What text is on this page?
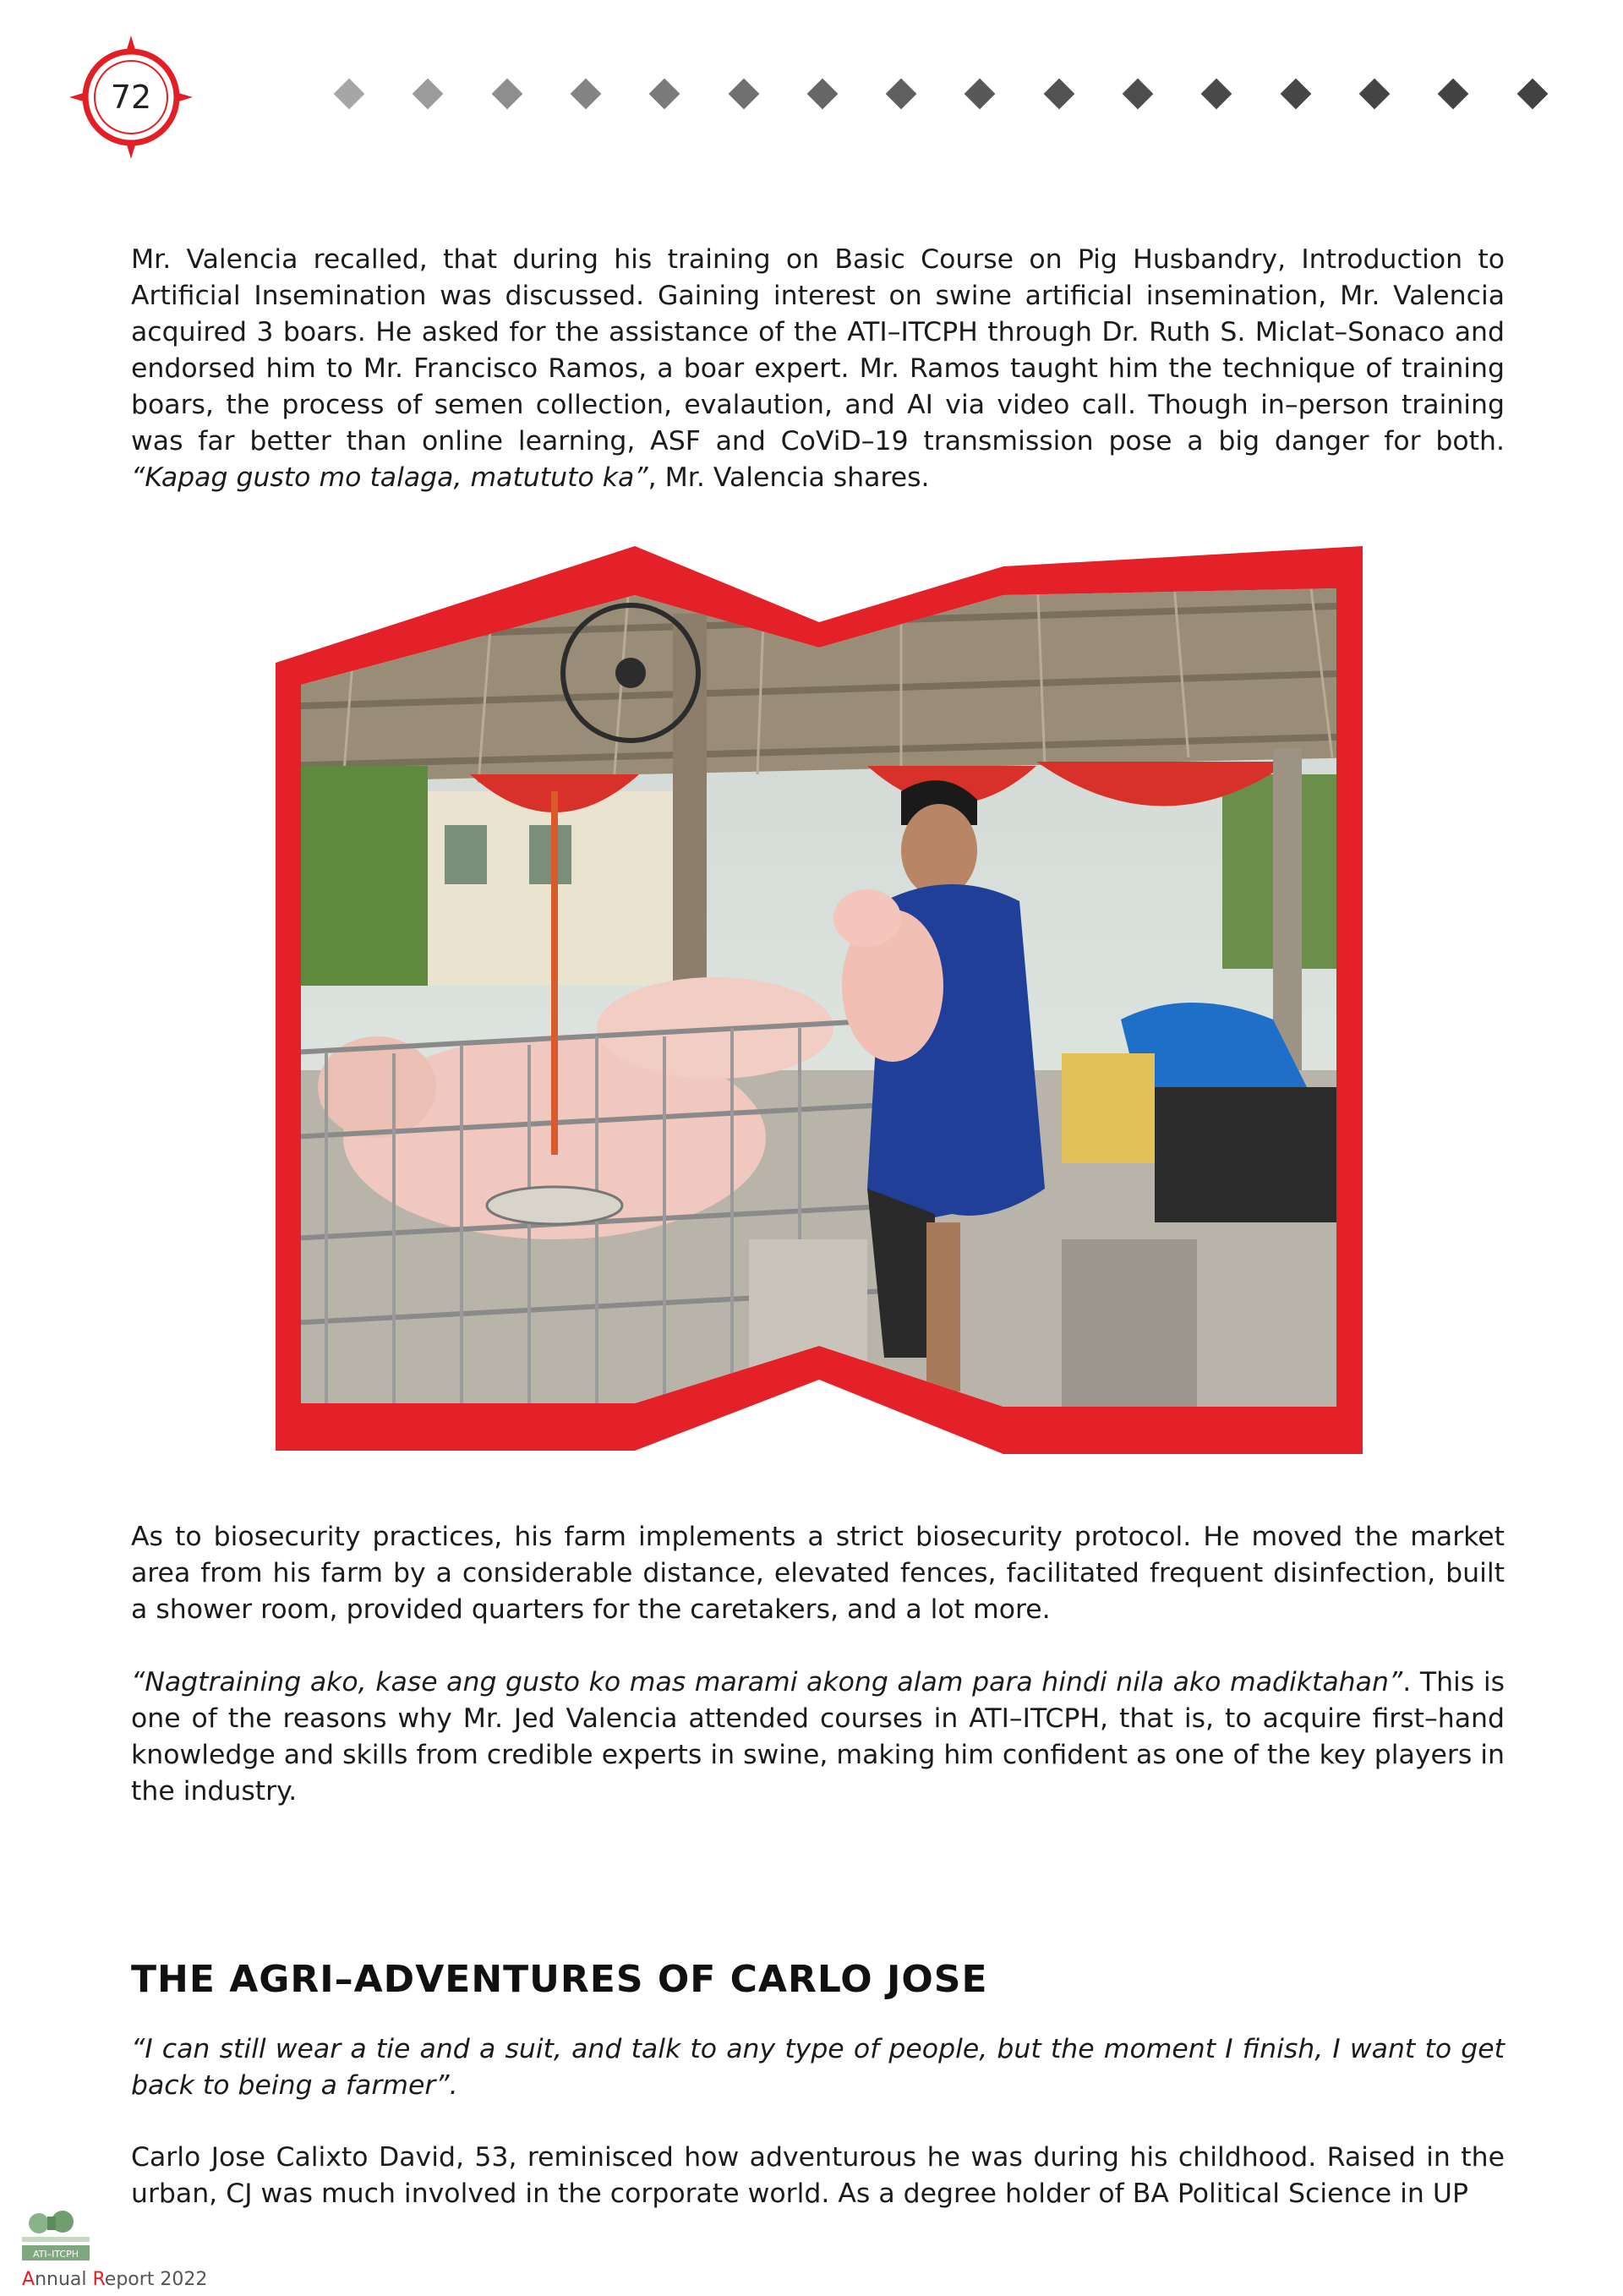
72

Mr. Valencia recalled, that during his training on Basic Course on Pig Husbandry, Introduction to Artificial Insemination was discussed. Gaining interest on swine artificial insemination, Mr. Valencia acquired 3 boars. He asked for the assistance of the ATI–ITCPH through Dr. Ruth S. Miclat–Sonaco and endorsed him to Mr. Francisco Ramos, a boar expert. Mr. Ramos taught him the technique of training boars, the process of semen collection, evalaution, and AI via video call. Though in–person training was far better than online learning, ASF and CoViD–19 transmission pose a big danger for both. “Kapag gusto mo talaga, matututo ka”, Mr. Valencia shares.

As to biosecurity practices, his farm implements a strict biosecurity protocol. He moved the market area from his farm by a considerable distance, elevated fences, facilitated frequent disinfection, built a shower room, provided quarters for the caretakers, and a lot more.

“Nagtraining ako, kase ang gusto ko mas marami akong alam para hindi nila ako madiktahan”. This is one of the reasons why Mr. Jed Valencia attended courses in ATI–ITCPH, that is, to acquire first–hand knowledge and skills from credible experts in swine, making him confident as one of the key players in the industry.

THE AGRI–ADVENTURES OF CARLO JOSE

“I can still wear a tie and a suit, and talk to any type of people, but the moment I finish, I want to get back to being a farmer”.

Carlo Jose Calixto David, 53, reminisced how adventurous he was during his childhood. Raised in the urban, CJ was much involved in the corporate world. As a degree holder of BA Political Science in UP

ATI–ITCPH
Annual Report 2022
